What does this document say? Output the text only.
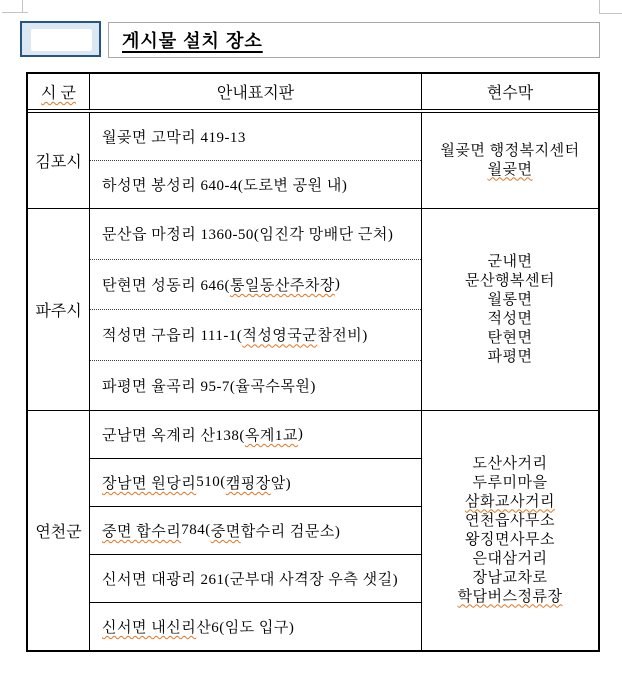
게시물 설치 장소
시 군	안내표지판	현수막
김포시
월곶면 고막리 419-13
하성면 봉성리 640-4(도로변 공원 내)
월곶면 행정복지센터
월곶면
파주시
문산읍 마정리 1360-50(임진각 망배단 근처)
탄현면 성동리 646( 통일동산주차장 )
적성면 구읍리 111-1( 적성영국군 참전비)
파평면 율곡리 95-7(율곡수목원)
군내면
문산행복센터
월롱면
적성면
탄현면
파평면
연천군
군남면 옥계리 산138( 옥계1교 )
장남면 원당리 510( 캠핑장 앞)
중면 합수리 784( 중면 합수리 검문소)
신서면 대광리 261(군부대 사격장 우측 샛길)
신서면 내신리 산6(임도 입구)
도산사거리
두루미마을
삼화교사거리
연천읍사무소
왕징면사무소
은대삼거리
장남교차로
학담버스정류장
